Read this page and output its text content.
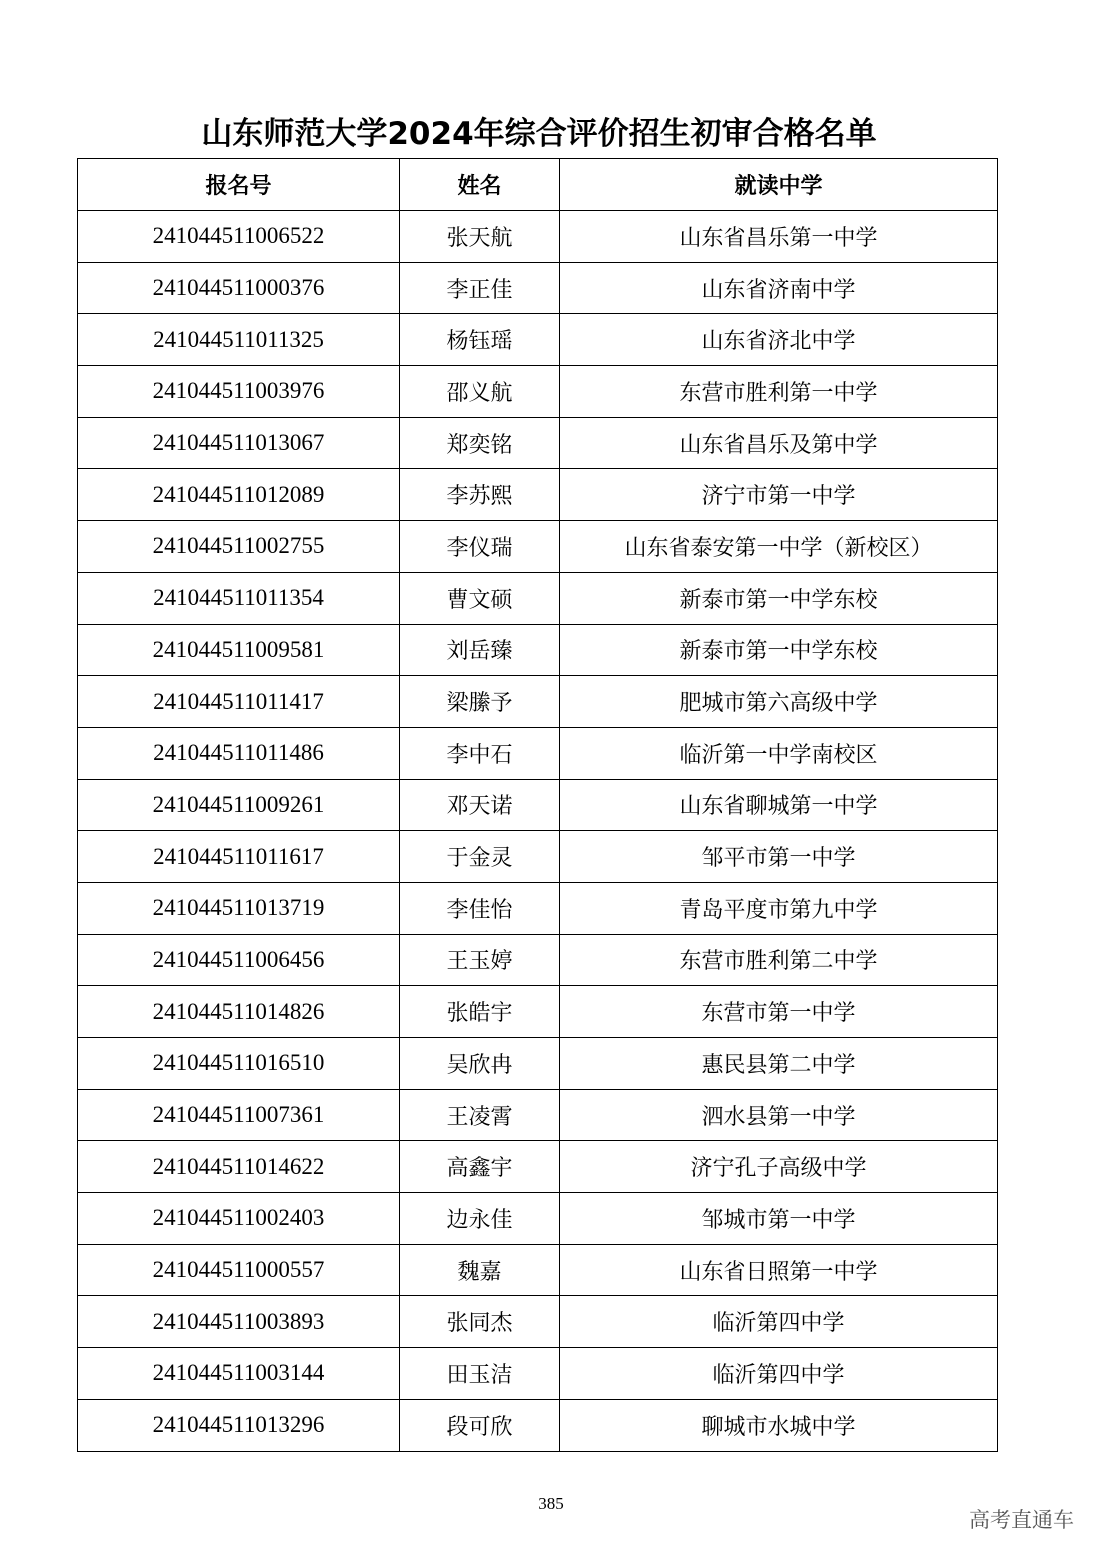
山东师范大学2024年综合评价招生初审合格名单
报名号	姓名	就读中学
241044511006522	张天航	山东省昌乐第一中学
241044511000376	李正佳	山东省济南中学
241044511011325	杨钰瑶	山东省济北中学
241044511003976	邵义航	东营市胜利第一中学
241044511013067	郑奕铭	山东省昌乐及第中学
241044511012089	李苏熙	济宁市第一中学
241044511002755	李仪瑞	山东省泰安第一中学（新校区）
241044511011354	曹文硕	新泰市第一中学东校
241044511009581	刘岳臻	新泰市第一中学东校
241044511011417	梁縢予	肥城市第六高级中学
241044511011486	李中石	临沂第一中学南校区
241044511009261	邓天诺	山东省聊城第一中学
241044511011617	于金灵	邹平市第一中学
241044511013719	李佳怡	青岛平度市第九中学
241044511006456	王玉婷	东营市胜利第二中学
241044511014826	张皓宇	东营市第一中学
241044511016510	吴欣冉	惠民县第二中学
241044511007361	王凌霄	泗水县第一中学
241044511014622	高鑫宇	济宁孔子高级中学
241044511002403	边永佳	邹城市第一中学
241044511000557	魏嘉	山东省日照第一中学
241044511003893	张同杰	临沂第四中学
241044511003144	田玉洁	临沂第四中学
241044511013296	段可欣	聊城市水城中学
385
高考直通车
